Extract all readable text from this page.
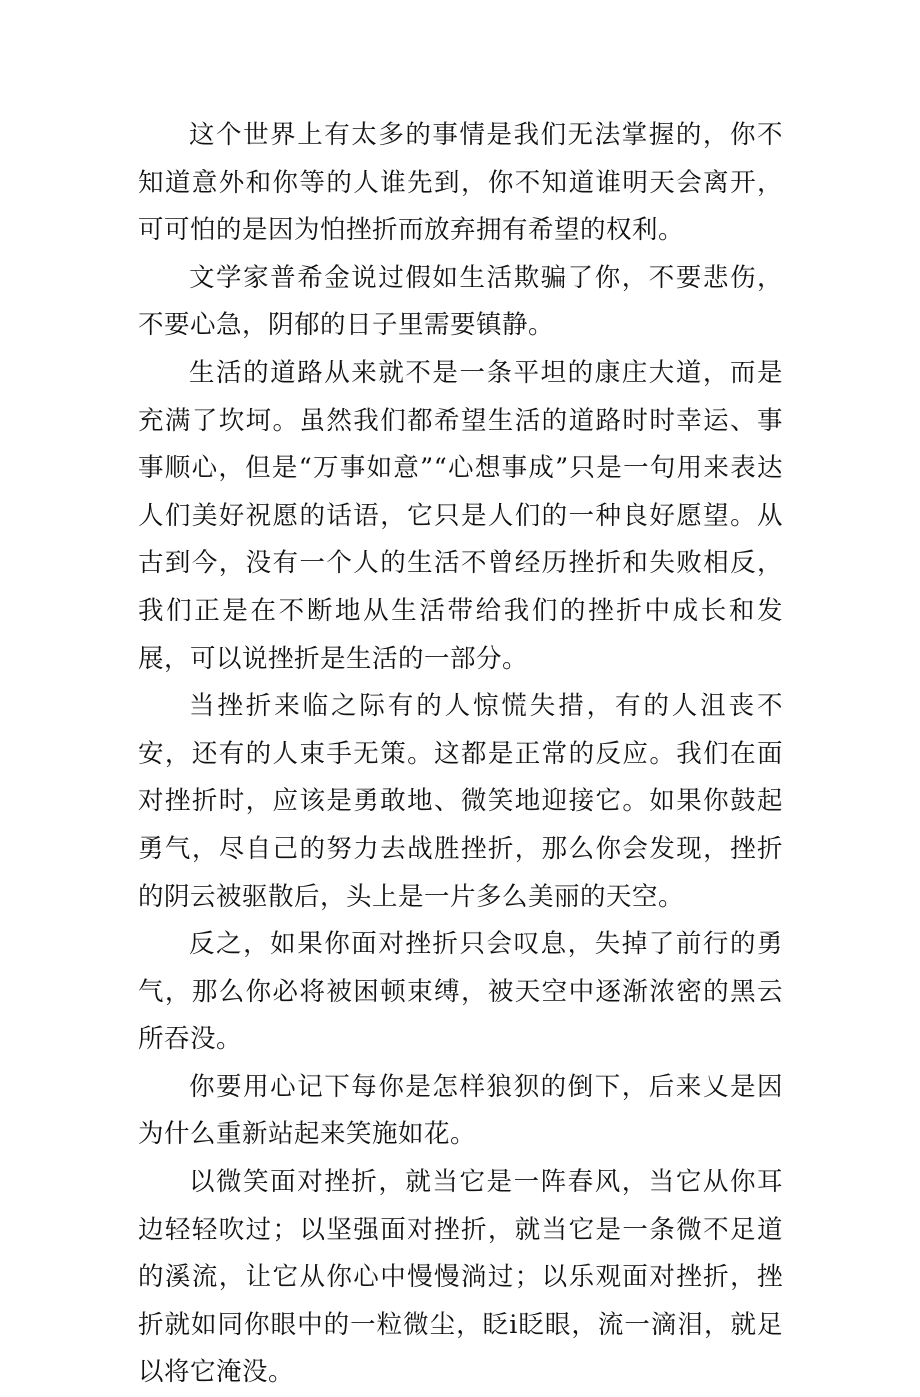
这个世界上有太多的事情是我们无法掌握的，你不知道意外和你等的人谁先到，你不知道谁明天会离开，可可怕的是因为怕挫折而放弃拥有希望的权利。

文学家普希金说过假如生活欺骗了你，不要悲伤，不要心急，阴郁的日子里需要镇静。

生活的道路从来就不是一条平坦的康庄大道，而是充满了坎坷。虽然我们都希望生活的道路时时幸运、事事顺心，但是“万事如意”“心想事成”只是一句用来表达人们美好祝愿的话语，它只是人们的一种良好愿望。从古到今，没有一个人的生活不曾经历挫折和失败相反，我们正是在不断地从生活带给我们的挫折中成长和发展，可以说挫折是生活的一部分。

当挫折来临之际有的人惊慌失措，有的人沮丧不安，还有的人束手无策。这都是正常的反应。我们在面对挫折时，应该是勇敢地、微笑地迎接它。如果你鼓起勇气，尽自己的努力去战胜挫折，那么你会发现，挫折的阴云被驱散后，头上是一片多么美丽的天空。

反之，如果你面对挫折只会叹息，失掉了前行的勇气，那么你必将被困顿束缚，被天空中逐渐浓密的黑云所吞没。

你要用心记下每你是怎样狼狈的倒下，后来乂是因为什么重新站起来笑施如花。

以微笑面对挫折，就当它是一阵春风，当它从你耳边轻轻吹过；以坚强面对挫折，就当它是一条微不足道的溪流，让它从你心中慢慢淌过；以乐观面对挫折，挫折就如同你眼中的一粒微尘，眨i眨眼，流一滴泪，就足以将它淹没。
